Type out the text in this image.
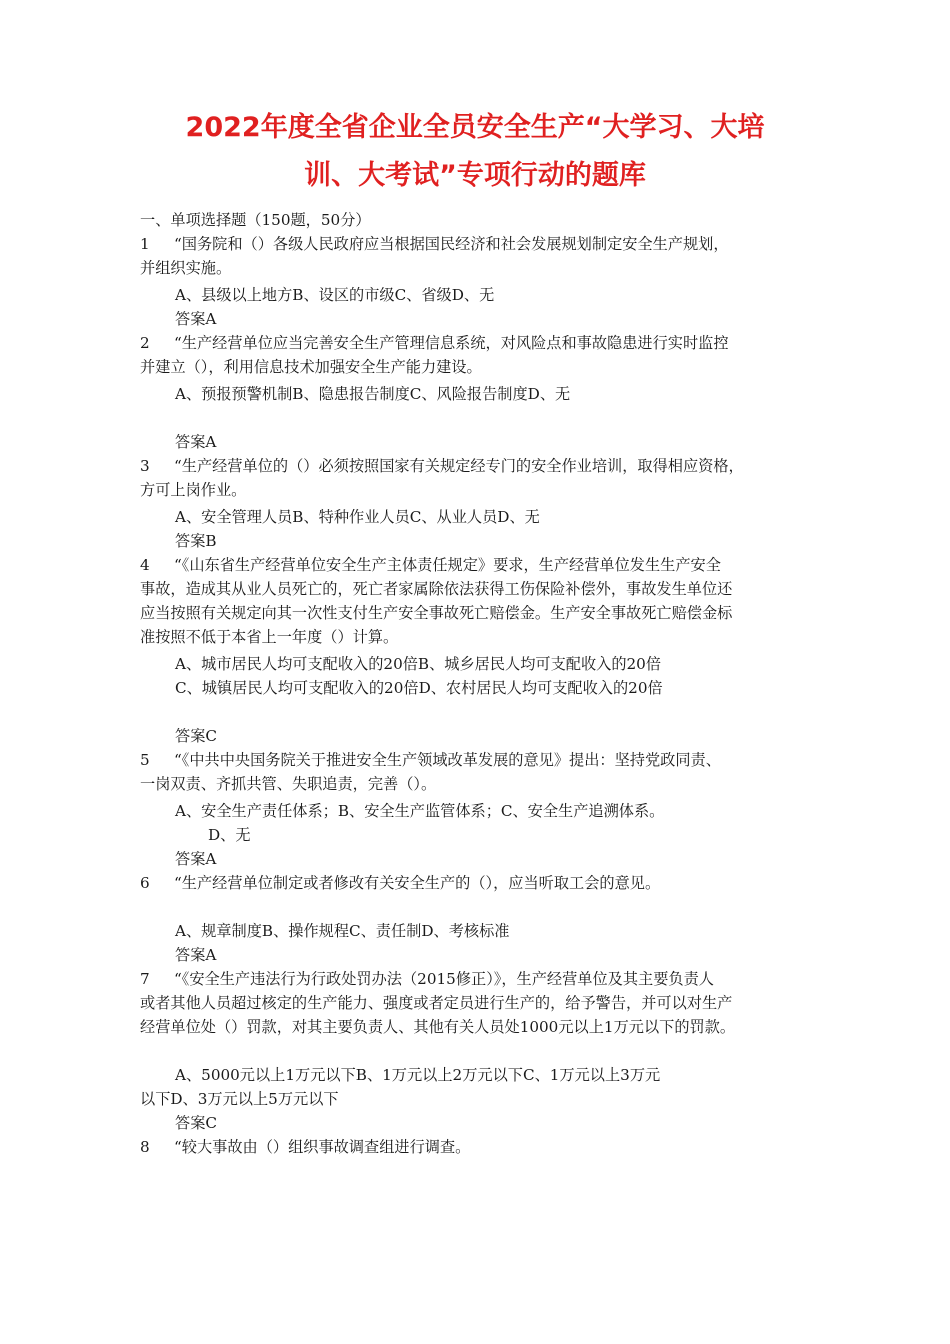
2022年度全省企业全员安全生产“大学习、大培
训、大考试”专项行动的题库

一、单项选择题（150题，50分）

1 “国务院和（）各级人民政府应当根据国民经济和社会发展规划制定安全生产规划，

并组织实施。

A、县级以上地方B、设区的市级C、省级D、无

答案A

2 “生产经营单位应当完善安全生产管理信息系统，对风险点和事故隐患进行实时监控

并建立（），利用信息技术加强安全生产能力建设。

A、预报预警机制B、隐患报告制度C、风险报告制度D、无

答案A

3 “生产经营单位的（）必须按照国家有关规定经专门的安全作业培训，取得相应资格，

方可上岗作业。

A、安全管理人员B、特种作业人员C、从业人员D、无

答案B

4 “《山东省生产经营单位安全生产主体责任规定》要求，生产经营单位发生生产安全

事故，造成其从业人员死亡的，死亡者家属除依法获得工伤保险补偿外，事故发生单位还

应当按照有关规定向其一次性支付生产安全事故死亡赔偿金。生产安全事故死亡赔偿金标

准按照不低于本省上一年度（）计算。

A、城市居民人均可支配收入的20倍B、城乡居民人均可支配收入的20倍

C、城镇居民人均可支配收入的20倍D、农村居民人均可支配收入的20倍

答案C

5 “《中共中央国务院关于推进安全生产领域改革发展的意见》提出：坚持党政同责、

一岗双责、齐抓共管、失职追责，完善（）。

A、安全生产责任体系；B、安全生产监管体系；C、安全生产追溯体系。

D、无

答案A

6 “生产经营单位制定或者修改有关安全生产的（），应当听取工会的意见。

A、规章制度B、操作规程C、责任制D、考核标准

答案A

7 “《安全生产违法行为行政处罚办法（2015修正）》，生产经营单位及其主要负责人

或者其他人员超过核定的生产能力、强度或者定员进行生产的，给予警告，并可以对生产

经营单位处（）罚款，对其主要负责人、其他有关人员处1000元以上1万元以下的罚款。

A、5000元以上1万元以下B、1万元以上2万元以下C、1万元以上3万元

以下D、3万元以上5万元以下

答案C

8 “较大事故由（）组织事故调查组进行调查。
